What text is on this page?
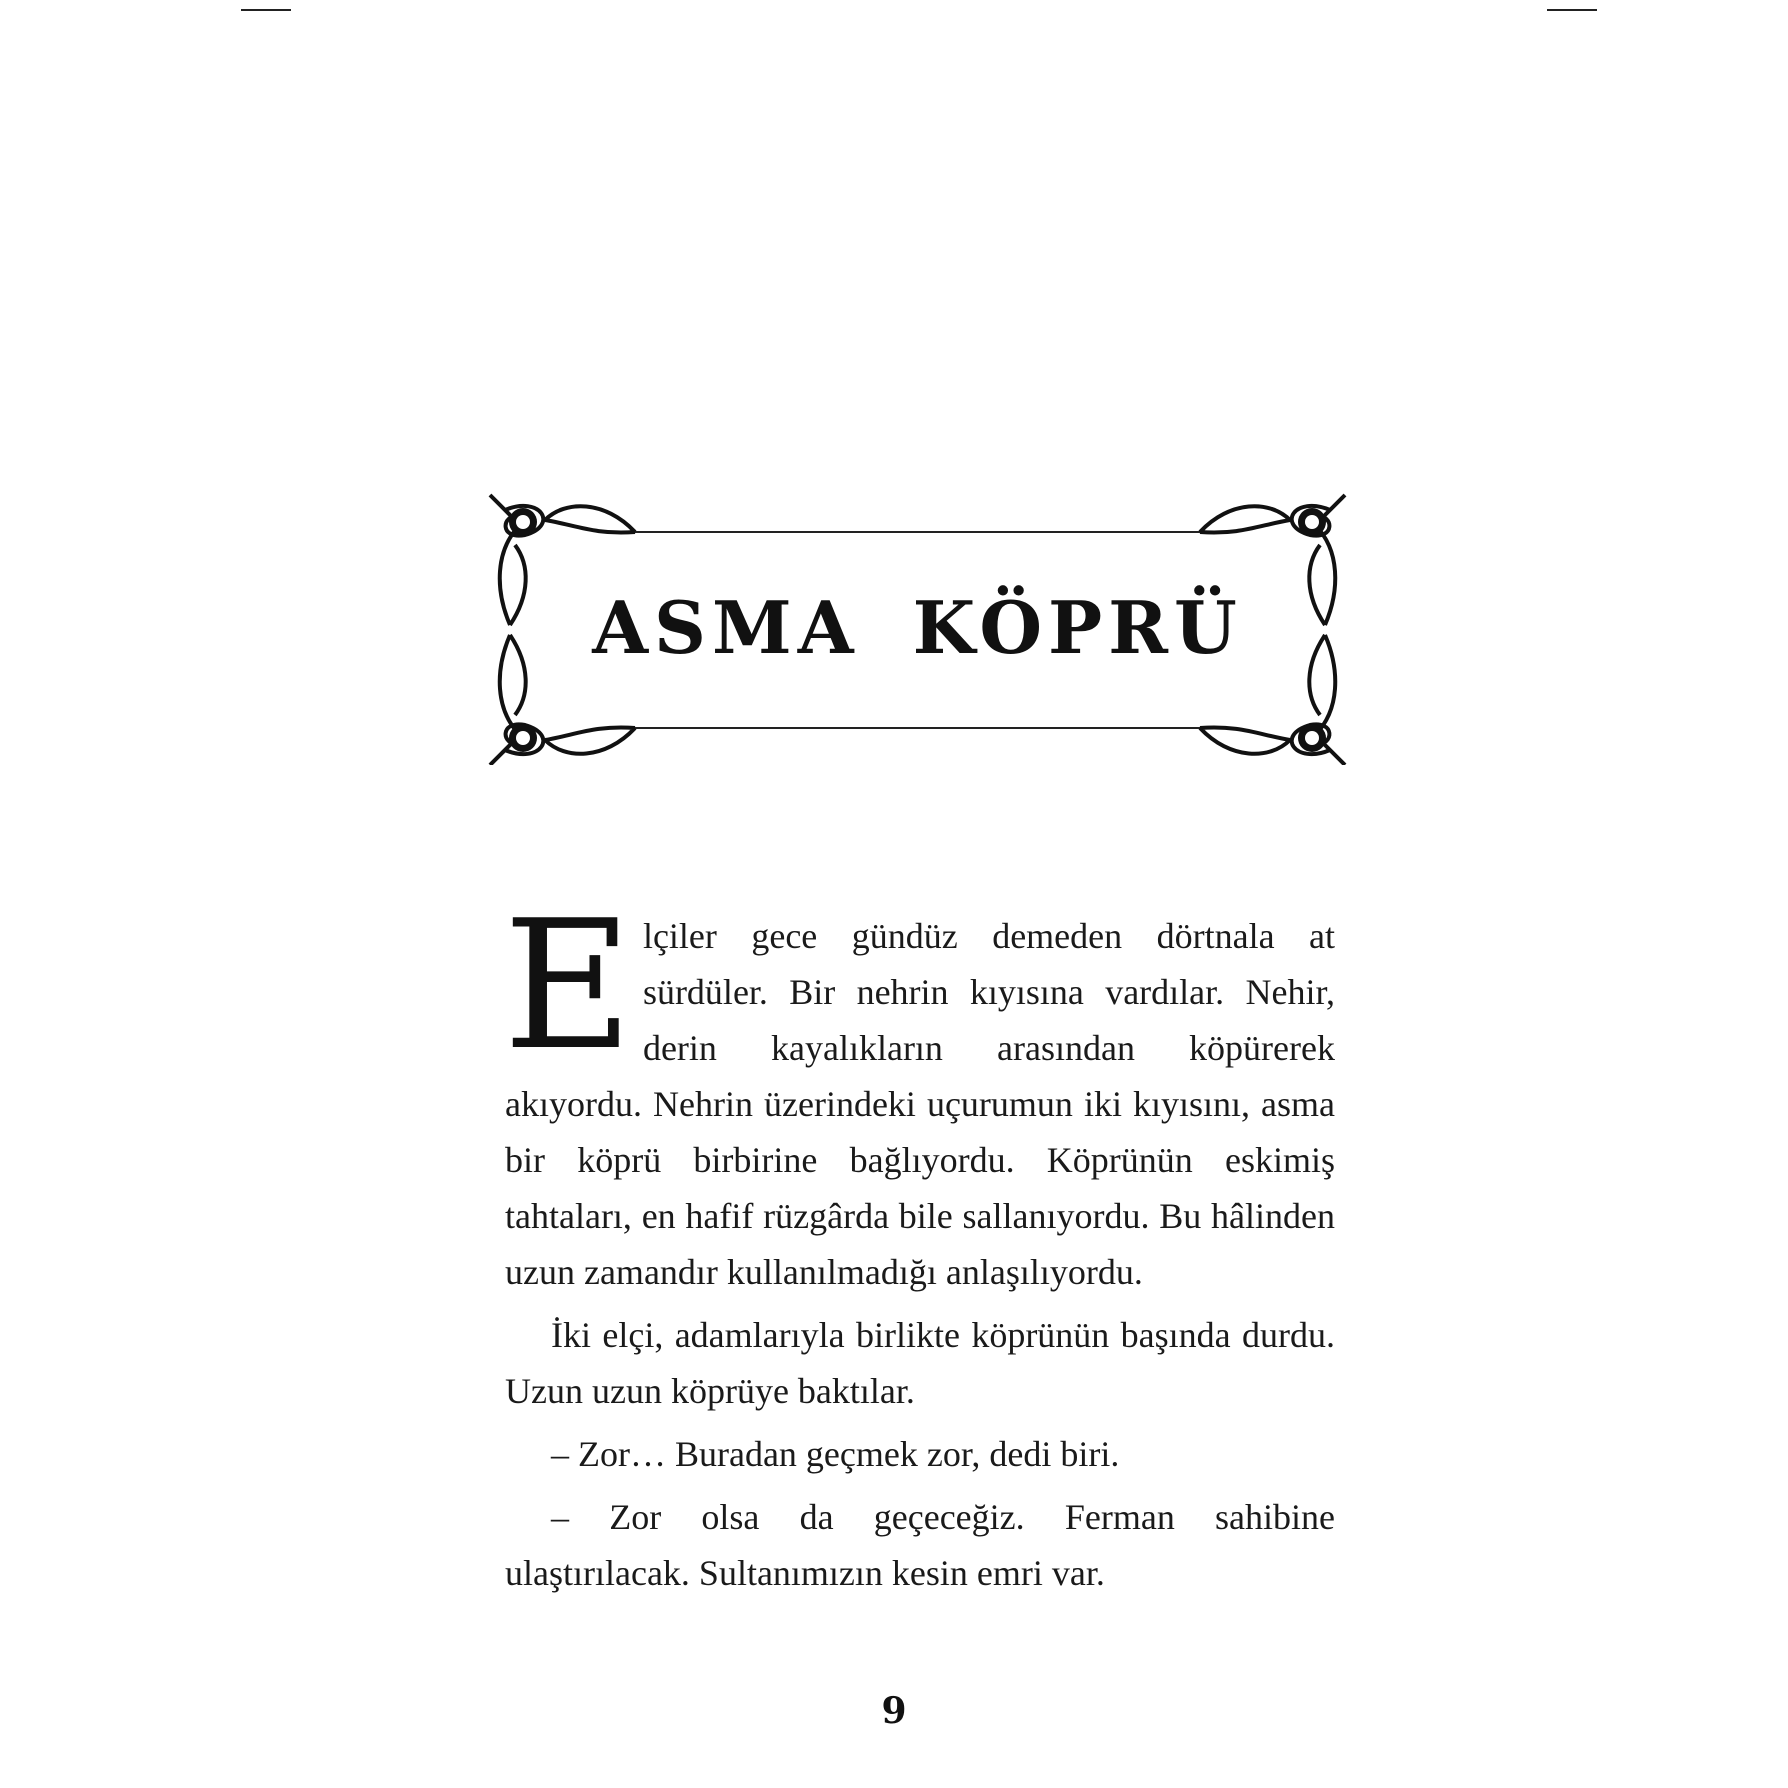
ASMA KÖPRÜ

Elçiler gece gündüz demeden dörtnala at sürdüler. Bir nehrin kıyısına vardılar. Nehir, derin kayalıkların arasından köpürerek akıyordu. Nehrin üzerindeki uçurumun iki kıyısını, asma bir köprü birbirine bağlıyordu. Köprünün eskimiş tahtaları, en hafif rüzgârda bile sallanıyordu. Bu hâlinden uzun zamandır kullanılmadığı anlaşılıyordu.

İki elçi, adamlarıyla birlikte köprünün başında durdu. Uzun uzun köprüye baktılar.

– Zor… Buradan geçmek zor, dedi biri.

– Zor olsa da geçeceğiz. Ferman sahibine ulaştırılacak. Sultanımızın kesin emri var.

9
